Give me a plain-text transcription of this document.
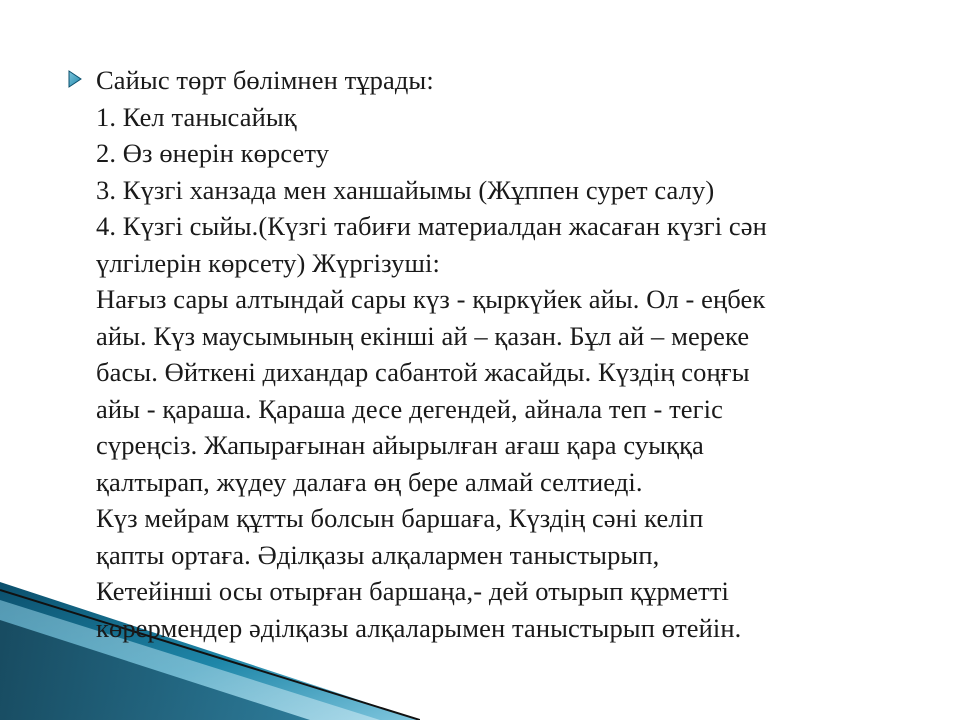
Сайыс төрт бөлімнен тұрады:
1. Кел танысайық
2. Өз өнерін көрсету
3. Күзгі ханзада мен ханшайымы (Жұппен сурет салу)
4. Күзгі сыйы.(Күзгі табиғи материалдан жасаған күзгі сән
үлгілерін көрсету) Жүргізуші:
Нағыз сары алтындай сары күз - қыркүйек айы. Ол - еңбек
айы. Күз маусымының екінші ай – қазан. Бұл ай – мереке
басы. Өйткені дихандар сабантой жасайды. Күздің соңғы
айы - қараша. Қараша десе дегендей, айнала теп - тегіс
сүреңсіз. Жапырағынан айырылған ағаш қара суыққа
қалтырап, жүдеу далаға өң бере алмай селтиеді.
Күз мейрам құтты болсын баршаға, Күздің сәні келіп
қапты ортаға. Әділқазы алқалармен таныстырып,
Кетейінші осы отырған баршаңа,- дей отырып құрметті
көрермендер әділқазы алқаларымен таныстырып өтейін.
